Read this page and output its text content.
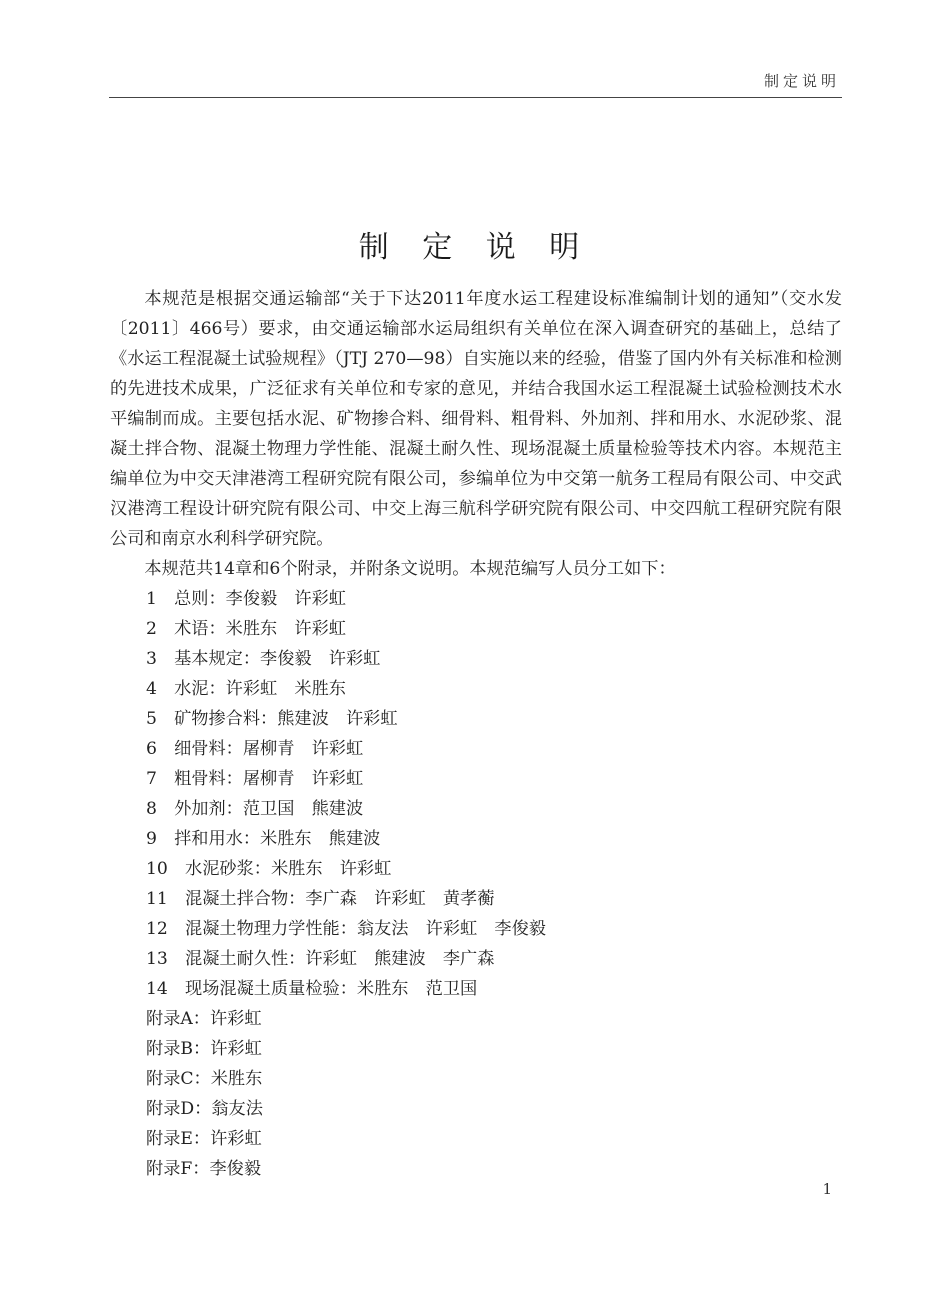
制定说明
制 定 说 明

本规范是根据交通运输部“关于下达2011年度水运工程建设标准编制计划的通知”（交水发〔2011〕466号）要求，由交通运输部水运局组织有关单位在深入调查研究的基础上，总结了《水运工程混凝土试验规程》（JTJ 270—98）自实施以来的经验，借鉴了国内外有关标准和检测的先进技术成果，广泛征求有关单位和专家的意见，并结合我国水运工程混凝土试验检测技术水平编制而成。主要包括水泥、矿物掺合料、细骨料、粗骨料、外加剂、拌和用水、水泥砂浆、混凝土拌合物、混凝土物理力学性能、混凝土耐久性、现场混凝土质量检验等技术内容。本规范主编单位为中交天津港湾工程研究院有限公司，参编单位为中交第一航务工程局有限公司、中交武汉港湾工程设计研究院有限公司、中交上海三航科学研究院有限公司、中交四航工程研究院有限公司和南京水利科学研究院。

本规范共14章和6个附录，并附条文说明。本规范编写人员分工如下：

1　总则：李俊毅　许彩虹
2　术语：米胜东　许彩虹
3　基本规定：李俊毅　许彩虹
4　水泥：许彩虹　米胜东
5　矿物掺合料：熊建波　许彩虹
6　细骨料：屠柳青　许彩虹
7　粗骨料：屠柳青　许彩虹
8　外加剂：范卫国　熊建波
9　拌和用水：米胜东　熊建波
10　水泥砂浆：米胜东　许彩虹
11　混凝土拌合物：李广森　许彩虹　黄孝蘅
12　混凝土物理力学性能：翁友法　许彩虹　李俊毅
13　混凝土耐久性：许彩虹　熊建波　李广森
14　现场混凝土质量检验：米胜东　范卫国
附录A：许彩虹
附录B：许彩虹
附录C：米胜东
附录D：翁友法
附录E：许彩虹
附录F：李俊毅
1
